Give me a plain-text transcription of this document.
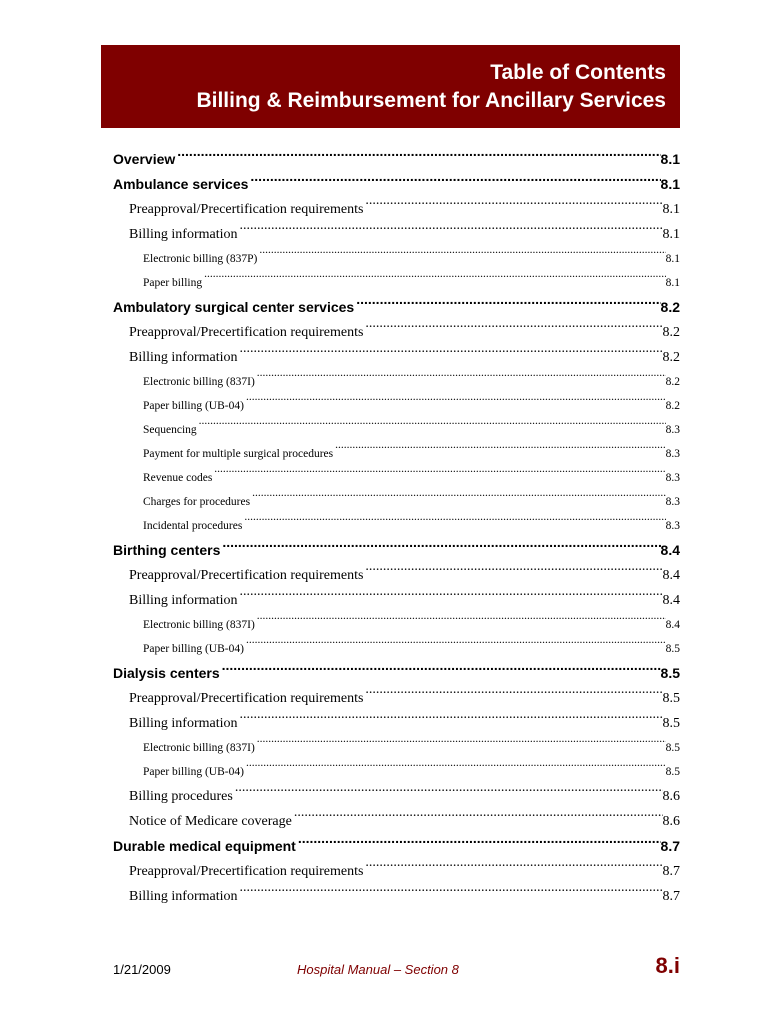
Table of Contents
Billing & Reimbursement for Ancillary Services
Overview .....	8.1
Ambulance services .....	8.1
Preapproval/Precertification requirements .....	8.1
Billing information .....	8.1
Electronic billing (837P) .....	8.1
Paper billing .....	8.1
Ambulatory surgical center services .....	8.2
Preapproval/Precertification requirements .....	8.2
Billing information .....	8.2
Electronic billing (837I) .....	8.2
Paper billing (UB-04) .....	8.2
Sequencing .....	8.3
Payment for multiple surgical procedures .....	8.3
Revenue codes .....	8.3
Charges for procedures .....	8.3
Incidental procedures .....	8.3
Birthing centers .....	8.4
Preapproval/Precertification requirements .....	8.4
Billing information .....	8.4
Electronic billing (837I) .....	8.4
Paper billing (UB-04) .....	8.5
Dialysis centers .....	8.5
Preapproval/Precertification requirements .....	8.5
Billing information .....	8.5
Electronic billing (837I) .....	8.5
Paper billing (UB-04) .....	8.5
Billing procedures .....	8.6
Notice of Medicare coverage .....	8.6
Durable medical equipment .....	8.7
Preapproval/Precertification requirements .....	8.7
Billing information .....	8.7
1/21/2009	Hospital Manual – Section 8	8.i
